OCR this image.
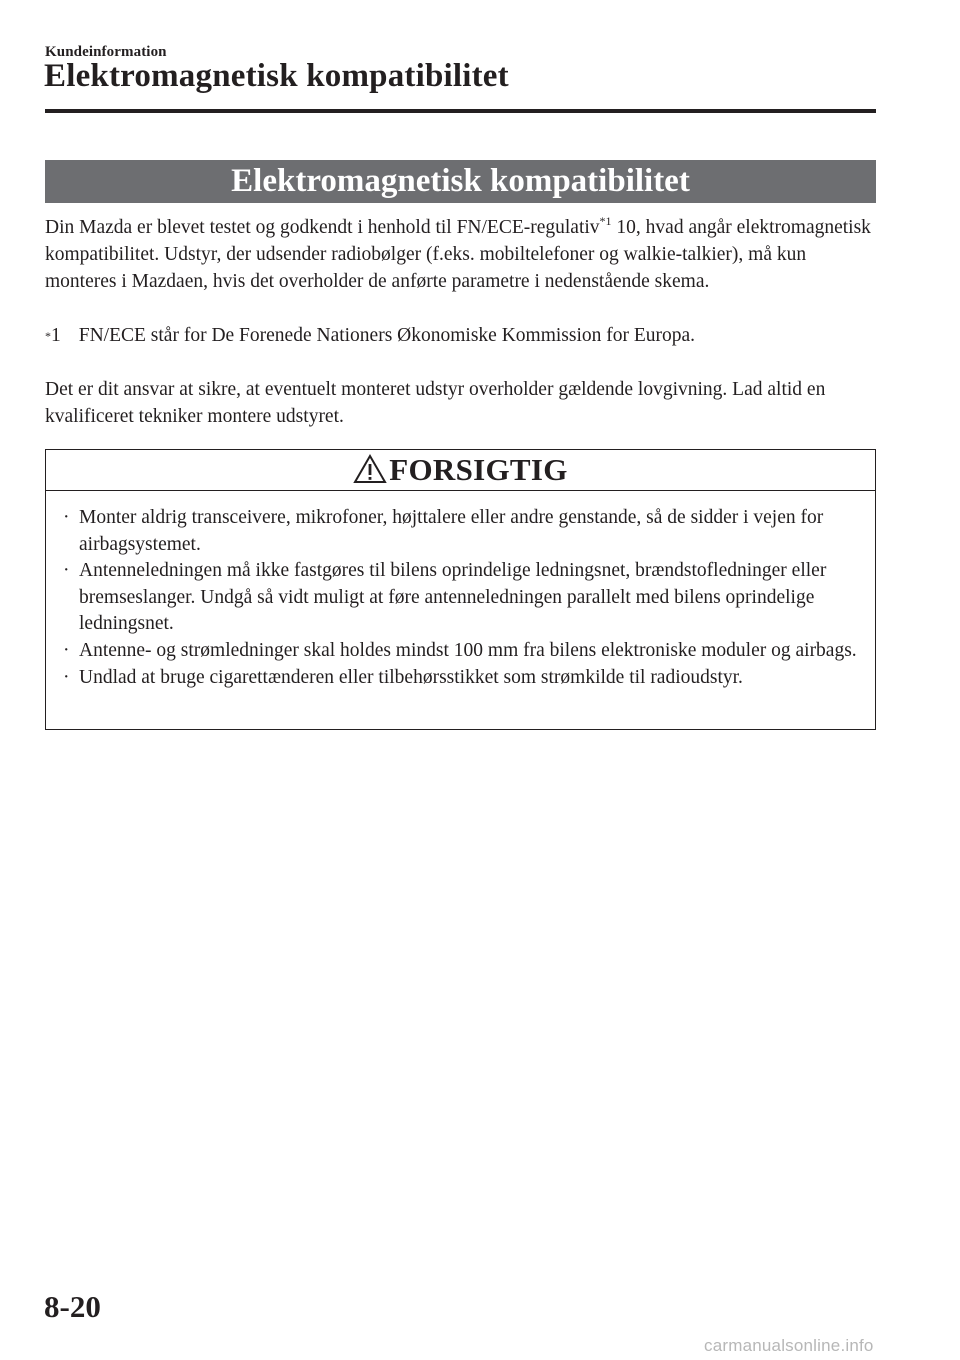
Kundeinformation
Elektromagnetisk kompatibilitet
Elektromagnetisk kompatibilitet

Din Mazda er blevet testet og godkendt i henhold til FN/ECE-regulativ$^{*1}$ 10, hvad angår elektromagnetisk kompatibilitet. Udstyr, der udsender radiobølger (f.eks. mobiltelefoner og walkie-talkier), må kun monteres i Mazdaen, hvis det overholder de anførte parametre i nedenstående skema.

*1 FN/ECE står for De Forenede Nationers Økonomiske Kommission for Europa.

Det er dit ansvar at sikre, at eventuelt monteret udstyr overholder gældende lovgivning. Lad altid en kvalificeret tekniker montere udstyret.

FORSIGTIG
· Monter aldrig transceivere, mikrofoner, højttalere eller andre genstande, så de sidder i vejen for airbagsystemet.
· Antenneledningen må ikke fastgøres til bilens oprindelige ledningsnet, brændstofledninger eller bremseslanger. Undgå så vidt muligt at føre antenneledningen parallelt med bilens oprindelige ledningsnet.
· Antenne- og strømledninger skal holdes mindst 100 mm fra bilens elektroniske moduler og airbags.
· Undlad at bruge cigarettænderen eller tilbehørsstikket som strømkilde til radioudstyr.
8-20
carmanualsonline.info
